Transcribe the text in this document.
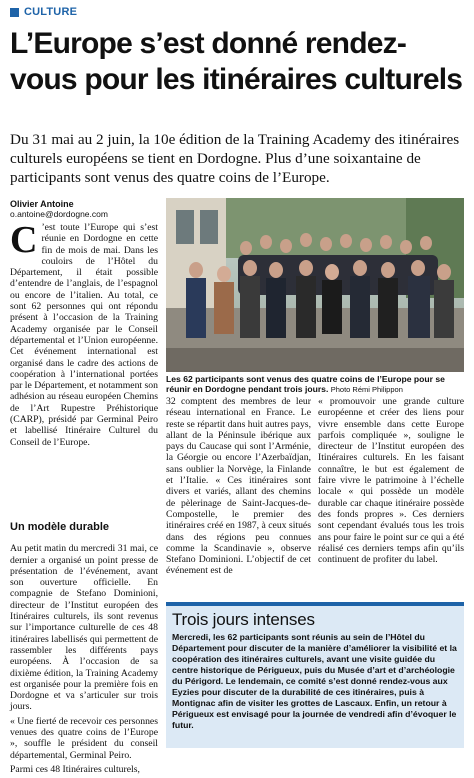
CULTURE
L’Europe s’est donné rendez-vous pour les itinéraires culturels

Du 31 mai au 2 juin, la 10e édition de la Training Academy des itinéraires culturels européens se tient en Dordogne. Plus d’une soixantaine de participants sont venus des quatre coins de l’Europe.

Olivier Antoine
o.antoine@dordogne.com

C ’est toute l’Europe qui s’est réunie en Dordogne en cette fin de mois de mai. Dans les couloirs de l’Hôtel du Département, il était possible d’entendre de l’anglais, de l’espagnol ou encore de l’italien. Au total, ce sont 62 personnes qui ont répondu présent à l’occasion de la Training Academy organisée par le Conseil départemental et l’Union européenne. Cet événement international est organisé dans le cadre des actions de coopération à l’international portées par le Département, et notamment son adhésion au réseau européen Chemins de l’Art Rupestre Préhistorique (CARP), présidé par Germinal Peiro et labellisé Itinéraire Culturel du Conseil de l’Europe.

Un modèle durable

Au petit matin du mercredi 31 mai, ce dernier a organisé un point presse de présentation de l’événement, avant son ouverture officielle. En compagnie de Stefano Dominioni, directeur de l’Institut européen des Itinéraires culturels, ils sont revenus sur l’importance culturelle de ces 48 itinéraires labellisés qui permettent de rassembler les différents pays européens. À l’occasion de sa dixième édition, la Training Academy est organisée pour la première fois en Dordogne et va s’articuler sur trois jours.

« Une fierté de recevoir ces personnes venues des quatre coins de l’Europe », souffle le président du conseil départemental, Germinal Peiro.

Parmi ces 48 Itinéraires culturels,

Les 62 participants sont venus des quatre coins de l’Europe pour se réunir en Dordogne pendant trois jours. Photo Rémi Philippon

32 comptent des membres de leur réseau international en France. Le reste se répartit dans huit autres pays, allant de la Péninsule ibérique aux pays du Caucase qui sont l’Arménie, la Géorgie ou encore l’Azerbaïdjan, sans oublier la Norvège, la Finlande et l’Italie. « Ces itinéraires sont divers et variés, allant des chemins de pèlerinage de Saint-Jacques-de-Compostelle, le premier des itinéraires créé en 1987, à ceux situés dans des régions peu connues comme la Scandinavie », observe Stefano Dominioni. L’objectif de cet événement est de

« promouvoir une grande culture européenne et créer des liens pour vivre ensemble dans cette Europe parfois compliquée », souligne le directeur de l’Institut européen des Itinéraires culturels. En les faisant connaître, le but est également de faire vivre le patrimoine à l’échelle locale « qui possède un modèle durable car chaque itinéraire possède des fonds propres ». Ces derniers sont cependant évalués tous les trois ans pour faire le point sur ce qui a été réalisé ces derniers temps afin qu’ils continuent de profiter du label.

Trois jours intenses

Mercredi, les 62 participants sont réunis au sein de l’Hôtel du Département pour discuter de la manière d’améliorer la visibilité et la coopération des itinéraires culturels, avant une visite guidée du centre historique de Périgueux, puis du Musée d’art et d’archéologie du Périgord. Le lendemain, ce comité s’est donné rendez-vous aux Eyzies pour discuter de la durabilité de ces itinéraires, puis à Montignac afin de visiter les grottes de Lascaux. Enfin, un retour à Périgueux est envisagé pour la journée de vendredi afin d’évoquer le futur.
